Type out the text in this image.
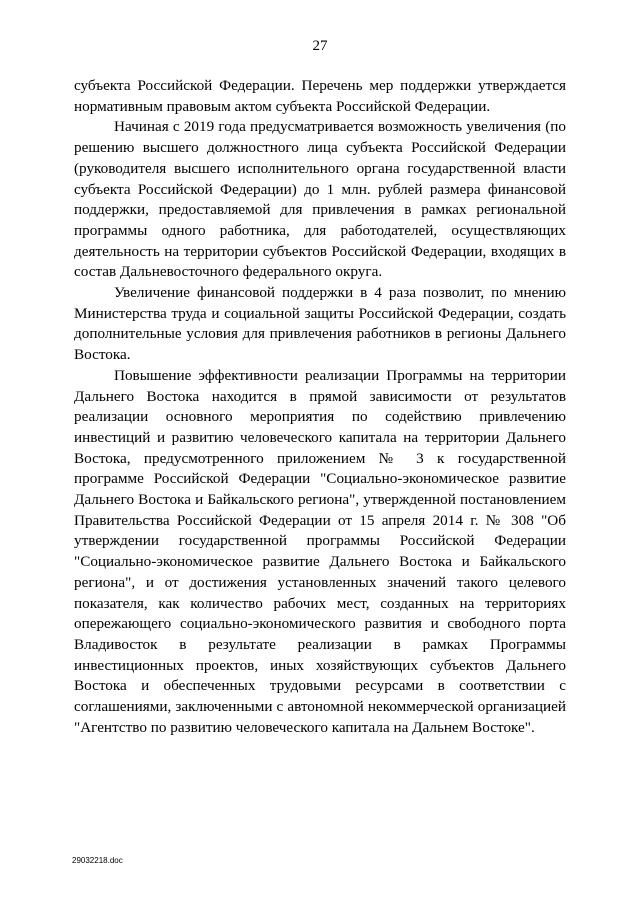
27

субъекта Российской Федерации. Перечень мер поддержки утверждается нормативным правовым актом субъекта Российской Федерации.

Начиная с 2019 года предусматривается возможность увеличения (по решению высшего должностного лица субъекта Российской Федерации (руководителя высшего исполнительного органа государственной власти субъекта Российской Федерации) до 1 млн. рублей размера финансовой поддержки, предоставляемой для привлечения в рамках региональной программы одного работника, для работодателей, осуществляющих деятельность на территории субъектов Российской Федерации, входящих в состав Дальневосточного федерального округа.

Увеличение финансовой поддержки в 4 раза позволит, по мнению Министерства труда и социальной защиты Российской Федерации, создать дополнительные условия для привлечения работников в регионы Дальнего Востока.

Повышение эффективности реализации Программы на территории Дальнего Востока находится в прямой зависимости от результатов реализации основного мероприятия по содействию привлечению инвестиций и развитию человеческого капитала на территории Дальнего Востока, предусмотренного приложением № 3 к государственной программе Российской Федерации "Социально-экономическое развитие Дальнего Востока и Байкальского региона", утвержденной постановлением Правительства Российской Федерации от 15 апреля 2014 г. № 308 "Об утверждении государственной программы Российской Федерации "Социально-экономическое развитие Дальнего Востока и Байкальского региона", и от достижения установленных значений такого целевого показателя, как количество рабочих мест, созданных на территориях опережающего социально-экономического развития и свободного порта Владивосток в результате реализации в рамках Программы инвестиционных проектов, иных хозяйствующих субъектов Дальнего Востока и обеспеченных трудовыми ресурсами в соответствии с соглашениями, заключенными с автономной некоммерческой организацией "Агентство по развитию человеческого капитала на Дальнем Востоке".

29032218.doc
